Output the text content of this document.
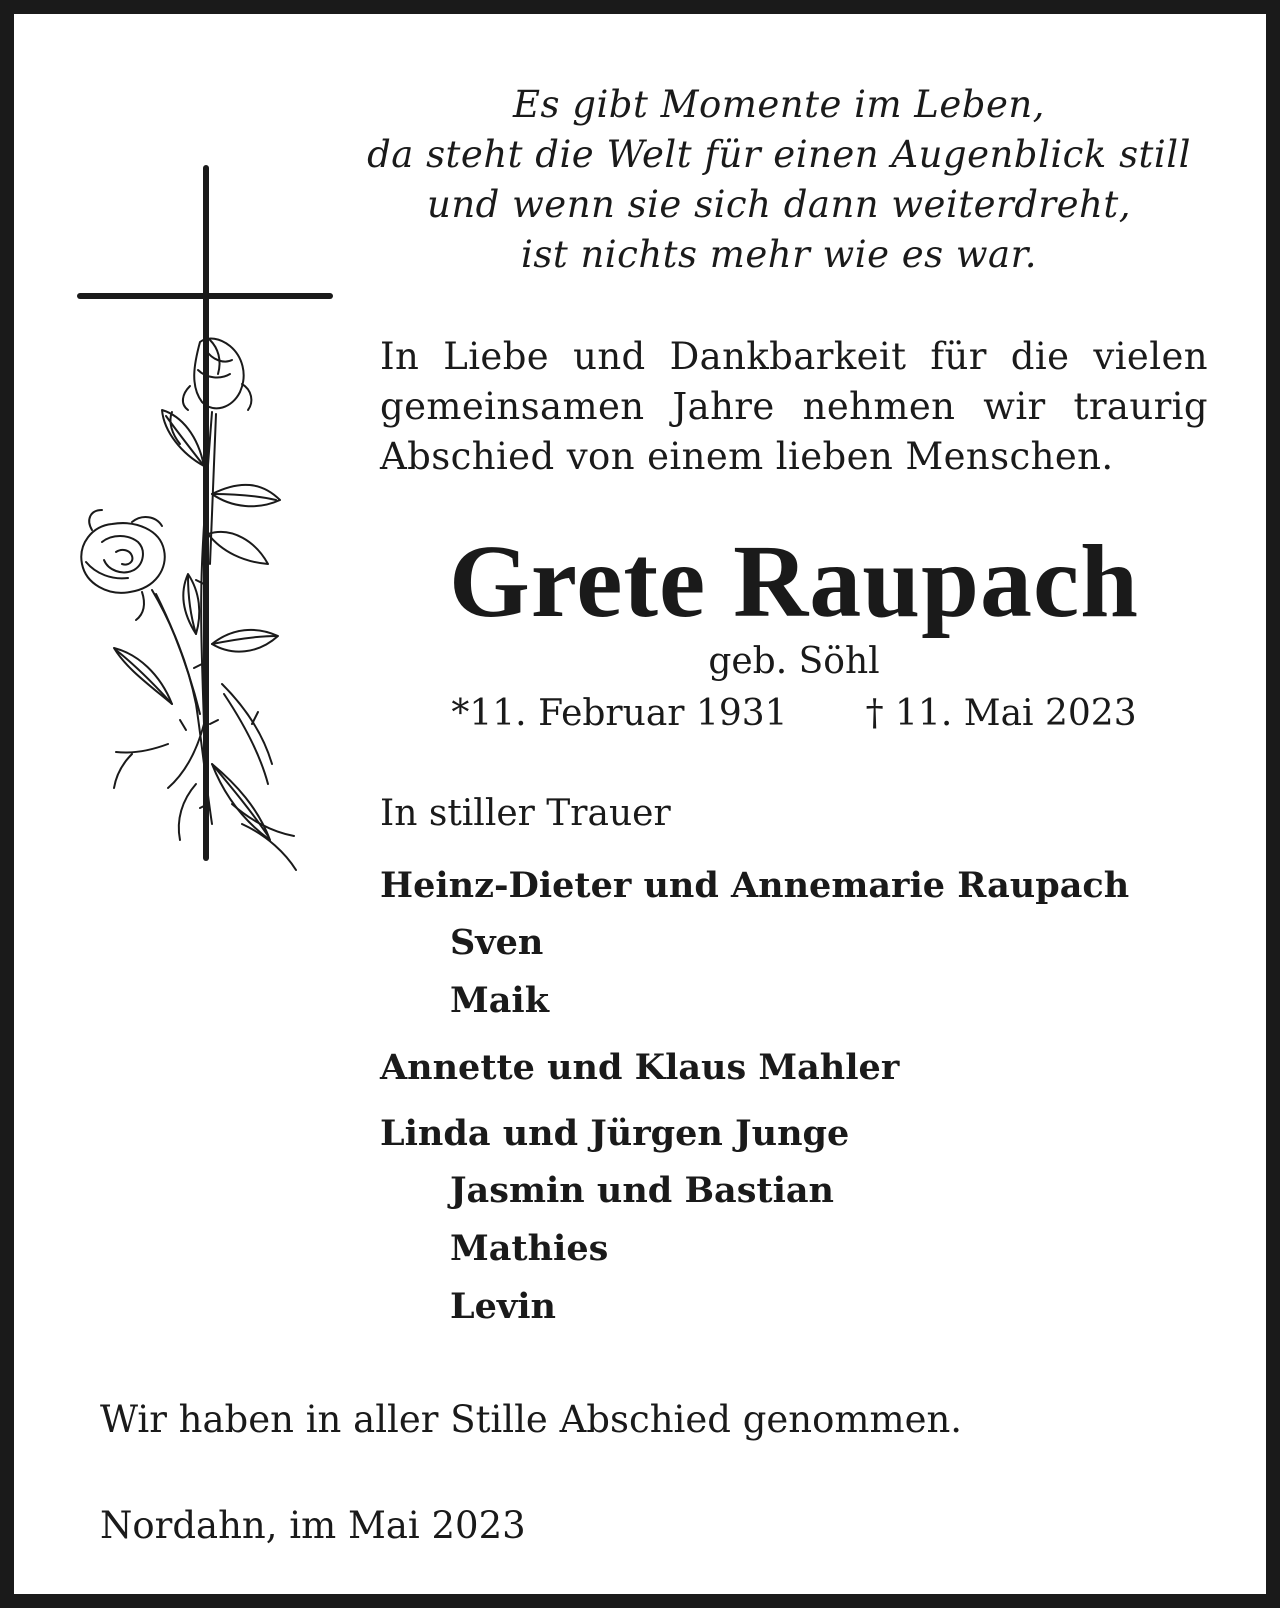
Es gibt Momente im Leben,
da steht die Welt für einen Augenblick still
und wenn sie sich dann weiterdreht,
ist nichts mehr wie es war.
In Liebe und Dankbarkeit für die vielen gemeinsamen Jahre nehmen wir traurig Abschied von einem lieben Menschen.
Grete Raupach
geb. Söhl
*11. Februar 1931 † 11. Mai 2023
In stiller Trauer
Heinz-Dieter und Annemarie Raupach
Sven
Maik
Annette und Klaus Mahler
Linda und Jürgen Junge
Jasmin und Bastian
Mathies
Levin
Wir haben in aller Stille Abschied genommen.
Nordahn, im Mai 2023
